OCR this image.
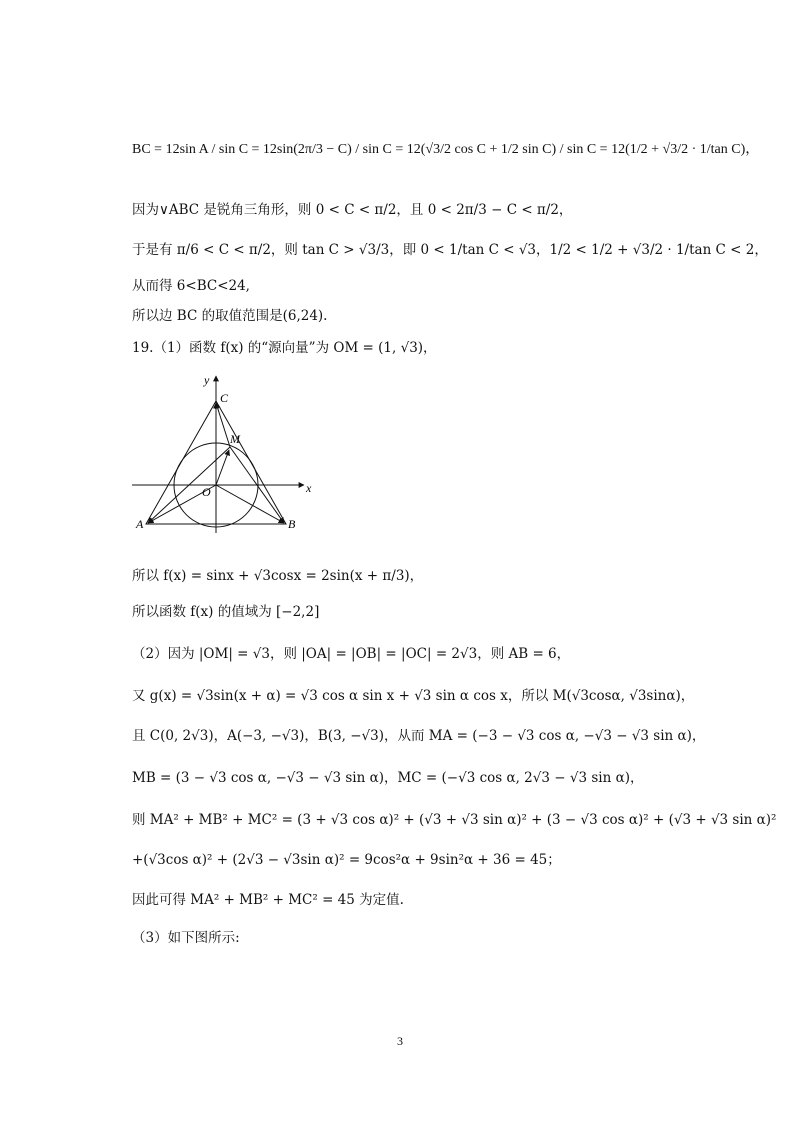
BC = 12sin A / sin C = 12sin(2π/3 − C) / sin C = 12(√3/2 cos C + 1/2 sin C) / sin C = 12(1/2 + √3/2 · 1/tan C)，
因为∨ABC 是锐角三角形，则 0 < C < π/2，且 0 < 2π/3 − C < π/2，
于是有 π/6 < C < π/2，则 tan C > √3/3，即 0 < 1/tan C < √3，1/2 < 1/2 + √3/2 · 1/tan C < 2，
从而得 6<BC<24,
所以边 BC 的取值范围是(6,24).
19.（1）函数 f(x) 的“源向量”为 OM = (1, √3)，
x
y
C
M
O
A	B
所以 f(x) = sinx + √3cosx = 2sin(x + π/3)，
所以函数 f(x) 的值域为 [−2,2]
（2）因为 |OM| = √3，则 |OA| = |OB| = |OC| = 2√3，则 AB = 6，
又 g(x) = √3sin(x + α) = √3 cos α sin x + √3 sin α cos x，所以 M(√3cosα, √3sinα)，
且 C(0, 2√3)，A(−3, −√3)，B(3, −√3)，从而 MA = (−3 − √3 cos α, −√3 − √3 sin α)，
MB = (3 − √3 cos α, −√3 − √3 sin α)，MC = (−√3 cos α, 2√3 − √3 sin α)，
则 MA² + MB² + MC² = (3 + √3 cos α)² + (√3 + √3 sin α)² + (3 − √3 cos α)² + (√3 + √3 sin α)²
+(√3cos α)² + (2√3 − √3sin α)² = 9cos²α + 9sin²α + 36 = 45；
因此可得 MA² + MB² + MC² = 45 为定值.
（3）如下图所示:
3
